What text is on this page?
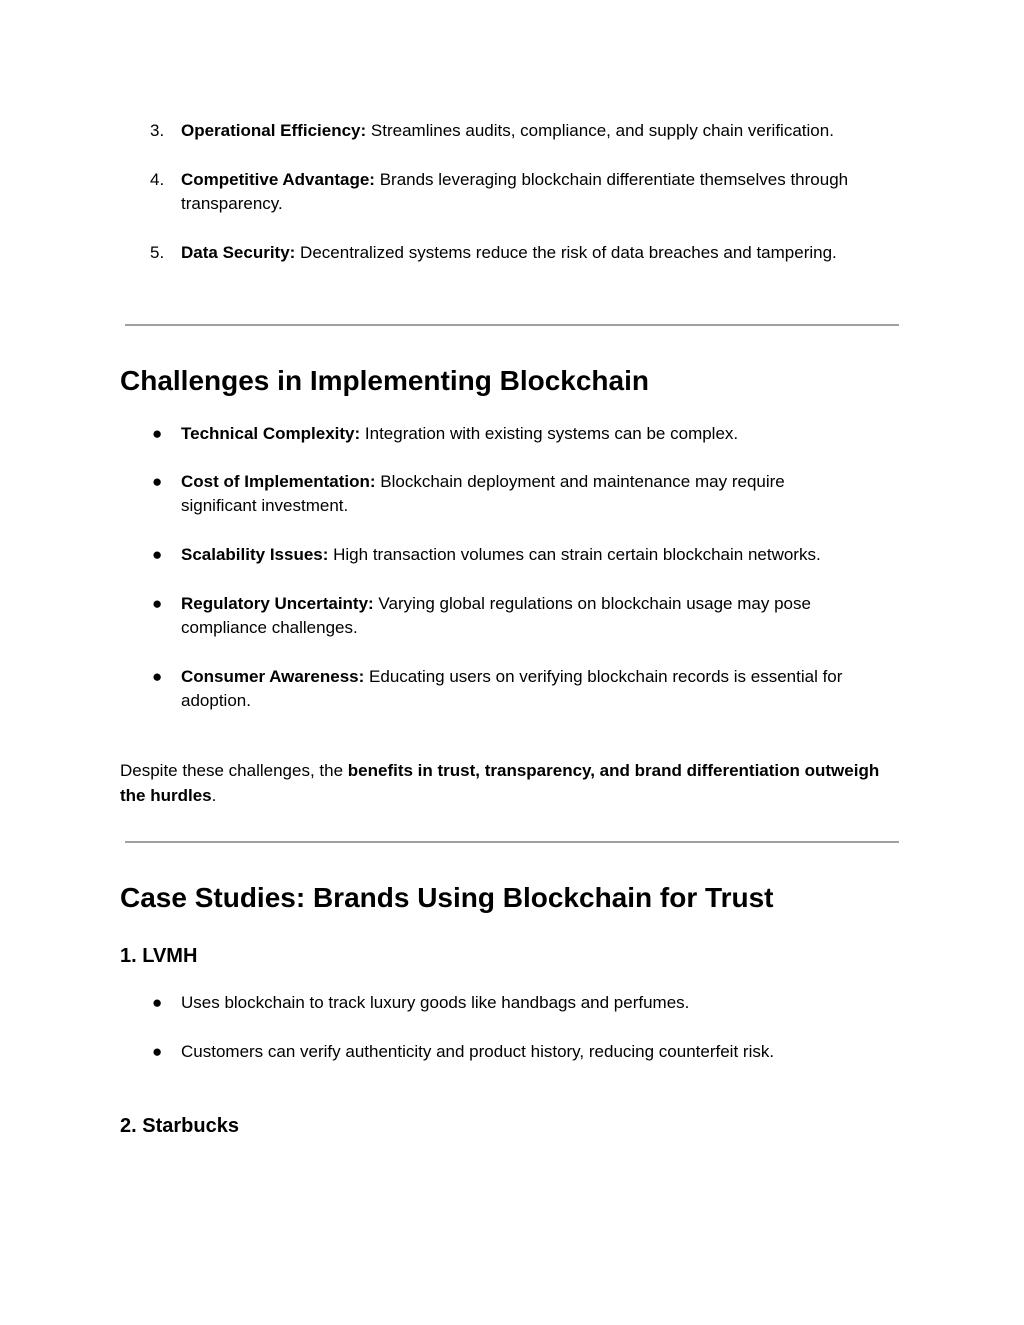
3. Operational Efficiency: Streamlines audits, compliance, and supply chain verification.
4. Competitive Advantage: Brands leveraging blockchain differentiate themselves through transparency.
5. Data Security: Decentralized systems reduce the risk of data breaches and tampering.
Challenges in Implementing Blockchain
● Technical Complexity: Integration with existing systems can be complex.
● Cost of Implementation: Blockchain deployment and maintenance may require significant investment.
● Scalability Issues: High transaction volumes can strain certain blockchain networks.
● Regulatory Uncertainty: Varying global regulations on blockchain usage may pose compliance challenges.
● Consumer Awareness: Educating users on verifying blockchain records is essential for adoption.

Despite these challenges, the benefits in trust, transparency, and brand differentiation outweigh the hurdles.

Case Studies: Brands Using Blockchain for Trust
1. LVMH
● Uses blockchain to track luxury goods like handbags and perfumes.
● Customers can verify authenticity and product history, reducing counterfeit risk.
2. Starbucks
